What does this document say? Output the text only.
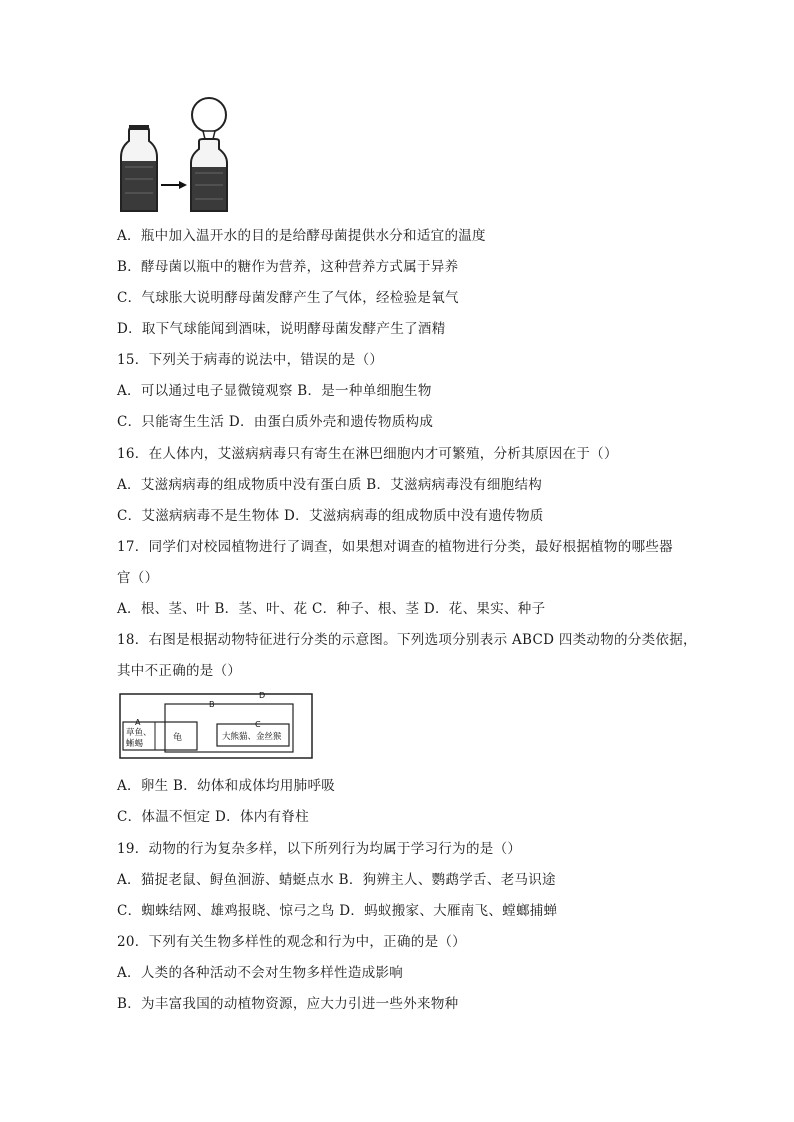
A．瓶中加入温开水的目的是给酵母菌提供水分和适宜的温度
B．酵母菌以瓶中的糖作为营养，这种营养方式属于异养
C．气球胀大说明酵母菌发酵产生了气体，经检验是氧气
D．取下气球能闻到酒味，说明酵母菌发酵产生了酒精
15．下列关于病毒的说法中，错误的是（）
A．可以通过电子显微镜观察 B．是一种单细胞生物
C．只能寄生生活 D．由蛋白质外壳和遗传物质构成
16．在人体内，艾滋病病毒只有寄生在淋巴细胞内才可繁殖，分析其原因在于（）
A．艾滋病病毒的组成物质中没有蛋白质 B．艾滋病病毒没有细胞结构
C．艾滋病病毒不是生物体 D．艾滋病病毒的组成物质中没有遗传物质
17．同学们对校园植物进行了调查，如果想对调查的植物进行分类，最好根据植物的哪些器
官（）
A．根、茎、叶 B．茎、叶、花 C．种子、根、茎 D．花、果实、种子
18．右图是根据动物特征进行分类的示意图。下列选项分别表示 ABCD 四类动物的分类依据，
其中不正确的是（）
D
B
A
草鱼、
蜥蜴
龟
C
大熊猫、金丝猴
A．卵生 B．幼体和成体均用肺呼吸
C．体温不恒定 D．体内有脊柱
19．动物的行为复杂多样，以下所列行为均属于学习行为的是（）
A．猫捉老鼠、鲟鱼洄游、蜻蜓点水 B．狗辨主人、鹦鹉学舌、老马识途
C．蜘蛛结网、雄鸡报晓、惊弓之鸟 D．蚂蚁搬家、大雁南飞、螳螂捕蝉
20．下列有关生物多样性的观念和行为中，正确的是（）
A．人类的各种活动不会对生物多样性造成影响
B．为丰富我国的动植物资源，应大力引进一些外来物种
